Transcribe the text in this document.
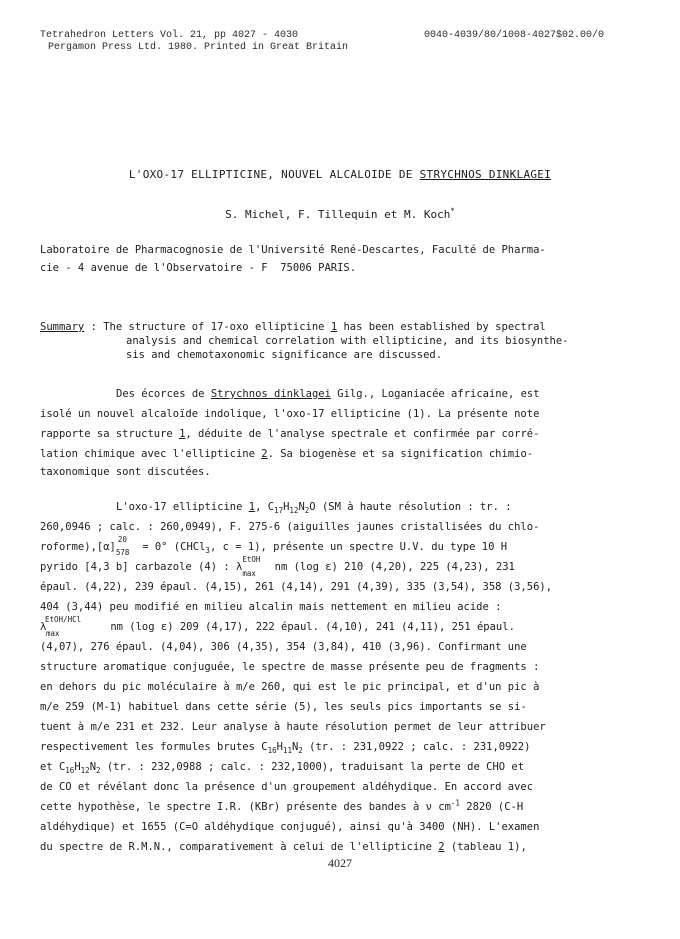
Tetrahedron Letters Vol. 21, pp 4027 - 4030
Pergamon Press Ltd. 1980. Printed in Great Britain
0040-4039/80/1008-4027$02.00/0
L'OXO-17 ELLIPTICINE, NOUVEL ALCALOIDE DE STRYCHNOS DINKLAGEI
S. Michel, F. Tillequin et M. Koch*
Laboratoire de Pharmacognosie de l'Université René-Descartes, Faculté de Pharma-
cie - 4 avenue de l'Observatoire - F  75006 PARIS.
Summary : The structure of 17-oxo ellipticine 1 has been established by spectral
analysis and chemical correlation with ellipticine, and its biosynthe-
sis and chemotaxonomic significance are discussed.
Des écorces de Strychnos dinklagei Gilg., Loganiacée africaine, est
isolé un nouvel alcaloïde indolique, l'oxo-17 ellipticine (1). La présente note
rapporte sa structure 1, déduite de l'analyse spectrale et confirmée par corré-
lation chimique avec l'ellipticine 2. Sa biogenèse et sa signification chimio-
taxonomique sont discutées.
L'oxo-17 ellipticine 1, $C_{17}H_{12}N_2O$ (SM à haute résolution : tr. :
260,0946 ; calc. : 260,0949), F. 275-6 (aiguilles jaunes cristallisées du chlo-
roforme),[α]
20
578 = 0° (CHCl$_3$, c = 1), présente un spectre U.V. du type 10 H
pyrido [4,3 b] carbazole (4) : λ
EtOH
max
nm (log ε) 210 (4,20), 225 (4,23), 231
épaul. (4,22), 239 épaul. (4,15), 261 (4,14), 291 (4,39), 335 (3,54), 358 (3,56),
404 (3,44) peu modifié en milieu alcalin mais nettement en milieu acide :
EtOH/HCl
λ
max
nm (log ε) 209 (4,17), 222 épaul. (4,10), 241 (4,11), 251 épaul.
(4,07), 276 épaul. (4,04), 306 (4,35), 354 (3,84), 410 (3,96). Confirmant une
structure aromatique conjuguée, le spectre de masse présente peu de fragments :
en dehors du pic moléculaire à m/e 260, qui est le pic principal, et d'un pic à
m/e 259 (M-1) habituel dans cette série (5), les seuls pics importants se si-
tuent à m/e 231 et 232. Leur analyse à haute résolution permet de leur attribuer
respectivement les formules brutes $C_{16}H_{11}N_2$ (tr. : 231,0922 ; calc. : 231,0922)
et $C_{16}H_{12}N_2$ (tr. : 232,0988 ; calc. : 232,1000), traduisant la perte de CHO et
de CO et révélant donc la présence d'un groupement aldéhydique. En accord avec
cette hypothèse, le spectre I.R. (KBr) présente des bandes à ν $cm^{-1}$ 2820 (C-H
aldéhydique) et 1655 (C=O aldéhydique conjugué), ainsi qu'à 3400 (NH). L'examen
du spectre de R.M.N., comparativement à celui de l'ellipticine 2 (tableau 1),
4027
